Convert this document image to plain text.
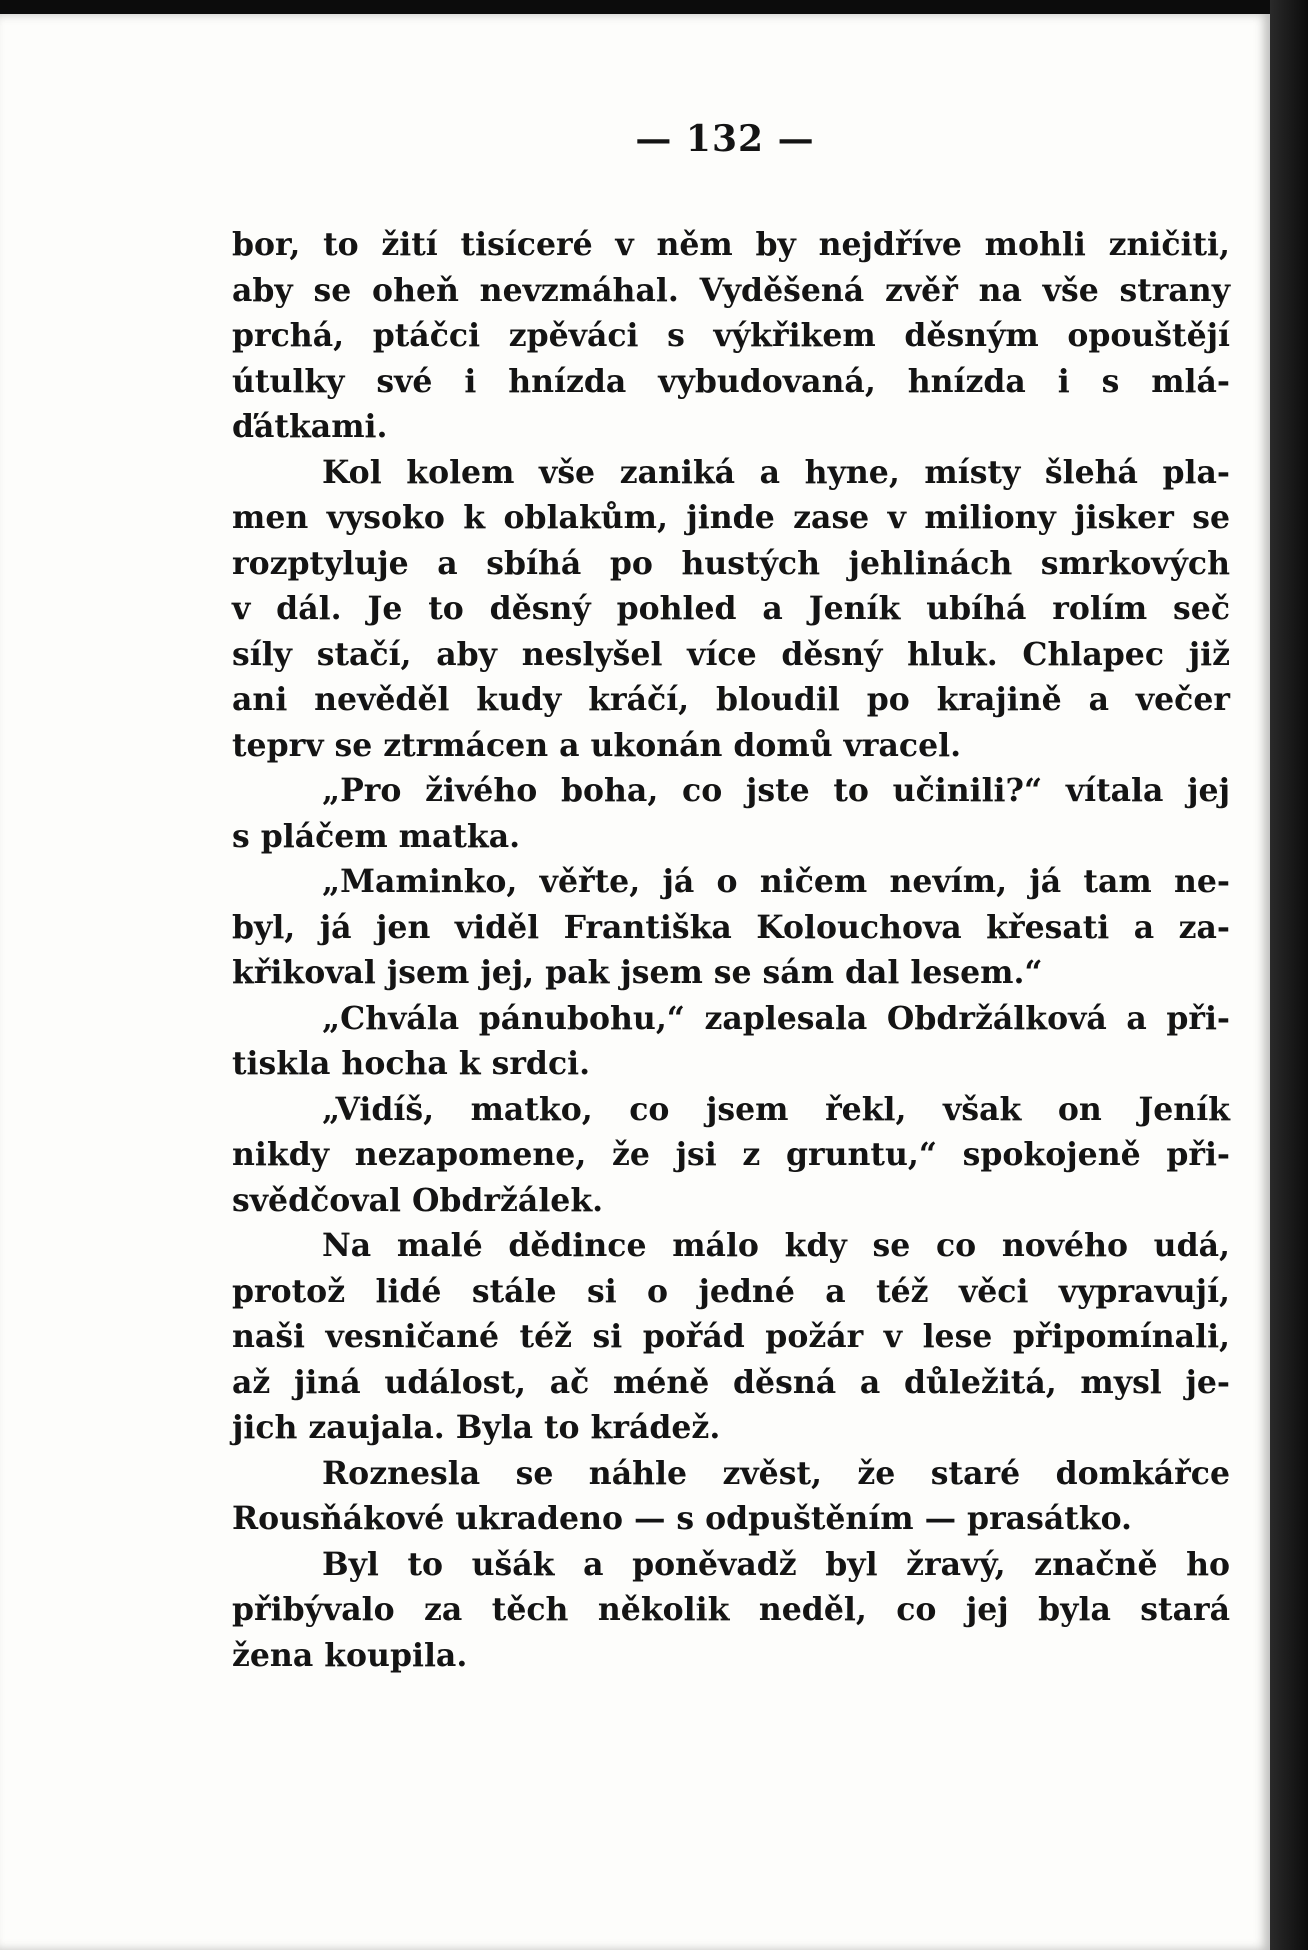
— 132 —
bor, to žití tisíceré v něm by nejdříve mohli zničiti,
aby se oheň nevzmáhal. Vyděšená zvěř na vše strany
prchá, ptáčci zpěváci s výkřikem děsným opouštějí
útulky své i hnízda vybudovaná, hnízda i s mlá-
ďátkami.
Kol kolem vše zaniká a hyne, místy šlehá pla-
men vysoko k oblakům, jinde zase v miliony jisker se
rozptyluje a sbíhá po hustých jehlinách smrkových
v dál. Je to děsný pohled a Jeník ubíhá rolím seč
síly stačí, aby neslyšel více děsný hluk. Chlapec již
ani nevěděl kudy kráčí, bloudil po krajině a večer
teprv se ztrmácen a ukonán domů vracel.
„Pro živého boha, co jste to učinili?“ vítala jej
s pláčem matka.
„Maminko, věřte, já o ničem nevím, já tam ne-
byl, já jen viděl Františka Kolouchova křesati a za-
křikoval jsem jej, pak jsem se sám dal lesem.“
„Chvála pánubohu,“ zaplesala Obdržálková a při-
tiskla hocha k srdci.
„Vidíš, matko, co jsem řekl, však on Jeník
nikdy nezapomene, že jsi z gruntu,“ spokojeně při-
svědčoval Obdržálek.
Na malé dědince málo kdy se co nového udá,
protož lidé stále si o jedné a též věci vypravují,
naši vesničané též si pořád požár v lese připomínali,
až jiná událost, ač méně děsná a důležitá, mysl je-
jich zaujala. Byla to krádež.
Roznesla se náhle zvěst, že staré domkářce
Rousňákové ukradeno — s odpuštěním — prasátko.
Byl to ušák a poněvadž byl žravý, značně ho
přibývalo za těch několik neděl, co jej byla stará
žena koupila.
